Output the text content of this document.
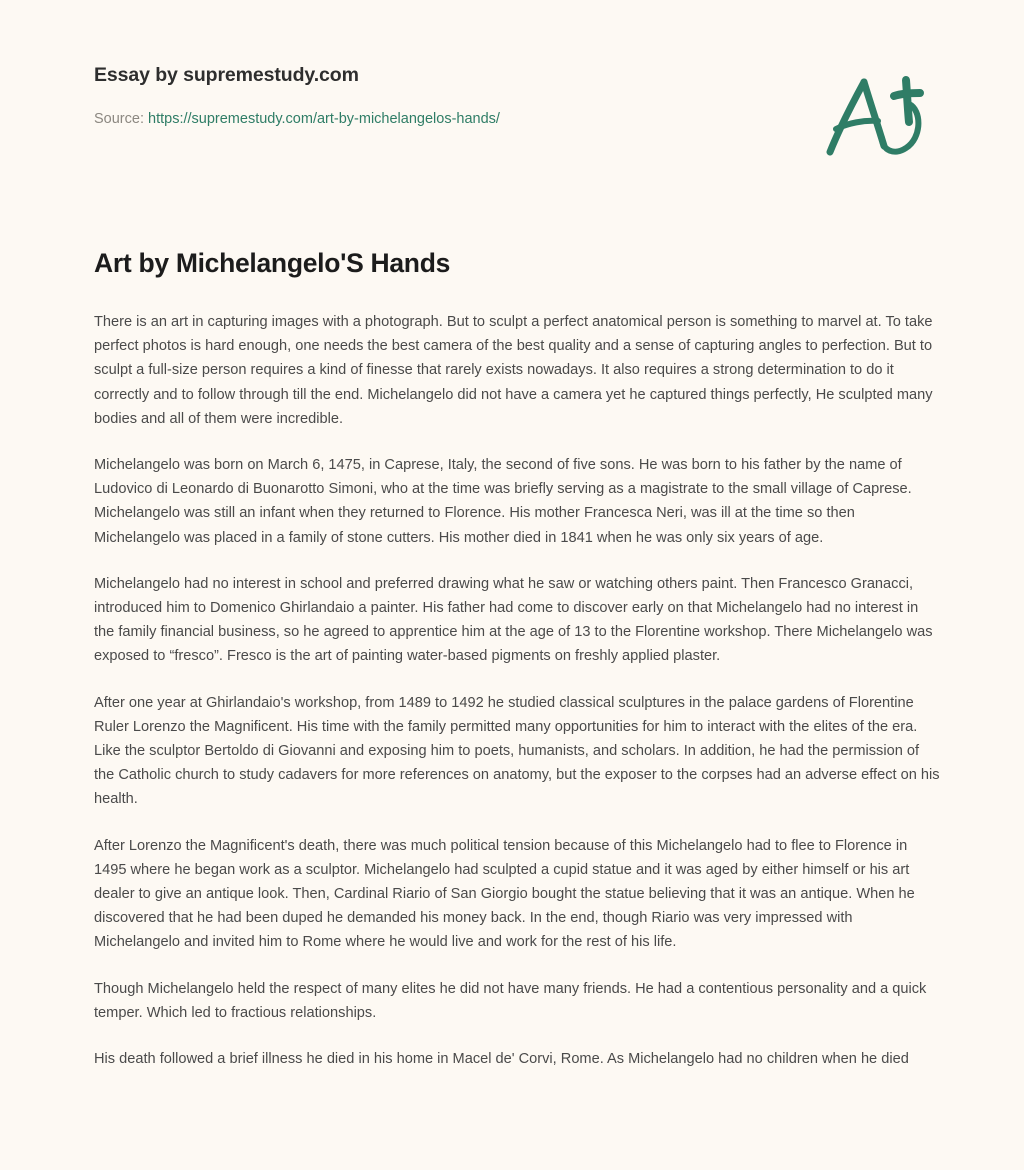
Essay by supremestudy.com

Source: https://supremestudy.com/art-by-michelangelos-hands/

Art by Michelangelo'S Hands

There is an art in capturing images with a photograph. But to sculpt a perfect anatomical person is something to marvel at. To take perfect photos is hard enough, one needs the best camera of the best quality and a sense of capturing angles to perfection. But to sculpt a full-size person requires a kind of finesse that rarely exists nowadays. It also requires a strong determination to do it correctly and to follow through till the end. Michelangelo did not have a camera yet he captured things perfectly, He sculpted many bodies and all of them were incredible.

Michelangelo was born on March 6, 1475, in Caprese, Italy, the second of five sons. He was born to his father by the name of Ludovico di Leonardo di Buonarotto Simoni, who at the time was briefly serving as a magistrate to the small village of Caprese. Michelangelo was still an infant when they returned to Florence. His mother Francesca Neri, was ill at the time so then Michelangelo was placed in a family of stone cutters. His mother died in 1841 when he was only six years of age.

Michelangelo had no interest in school and preferred drawing what he saw or watching others paint. Then Francesco Granacci, introduced him to Domenico Ghirlandaio a painter. His father had come to discover early on that Michelangelo had no interest in the family financial business, so he agreed to apprentice him at the age of 13 to the Florentine workshop. There Michelangelo was exposed to “fresco”. Fresco is the art of painting water-based pigments on freshly applied plaster.

After one year at Ghirlandaio's workshop, from 1489 to 1492 he studied classical sculptures in the palace gardens of Florentine Ruler Lorenzo the Magnificent. His time with the family permitted many opportunities for him to interact with the elites of the era. Like the sculptor Bertoldo di Giovanni and exposing him to poets, humanists, and scholars. In addition, he had the permission of the Catholic church to study cadavers for more references on anatomy, but the exposer to the corpses had an adverse effect on his health.

After Lorenzo the Magnificent's death, there was much political tension because of this Michelangelo had to flee to Florence in 1495 where he began work as a sculptor. Michelangelo had sculpted a cupid statue and it was aged by either himself or his art dealer to give an antique look. Then, Cardinal Riario of San Giorgio bought the statue believing that it was an antique. When he discovered that he had been duped he demanded his money back. In the end, though Riario was very impressed with Michelangelo and invited him to Rome where he would live and work for the rest of his life.

Though Michelangelo held the respect of many elites he did not have many friends. He had a contentious personality and a quick temper. Which led to fractious relationships.

His death followed a brief illness he died in his home in Macel de' Corvi, Rome. As Michelangelo had no children when he died
